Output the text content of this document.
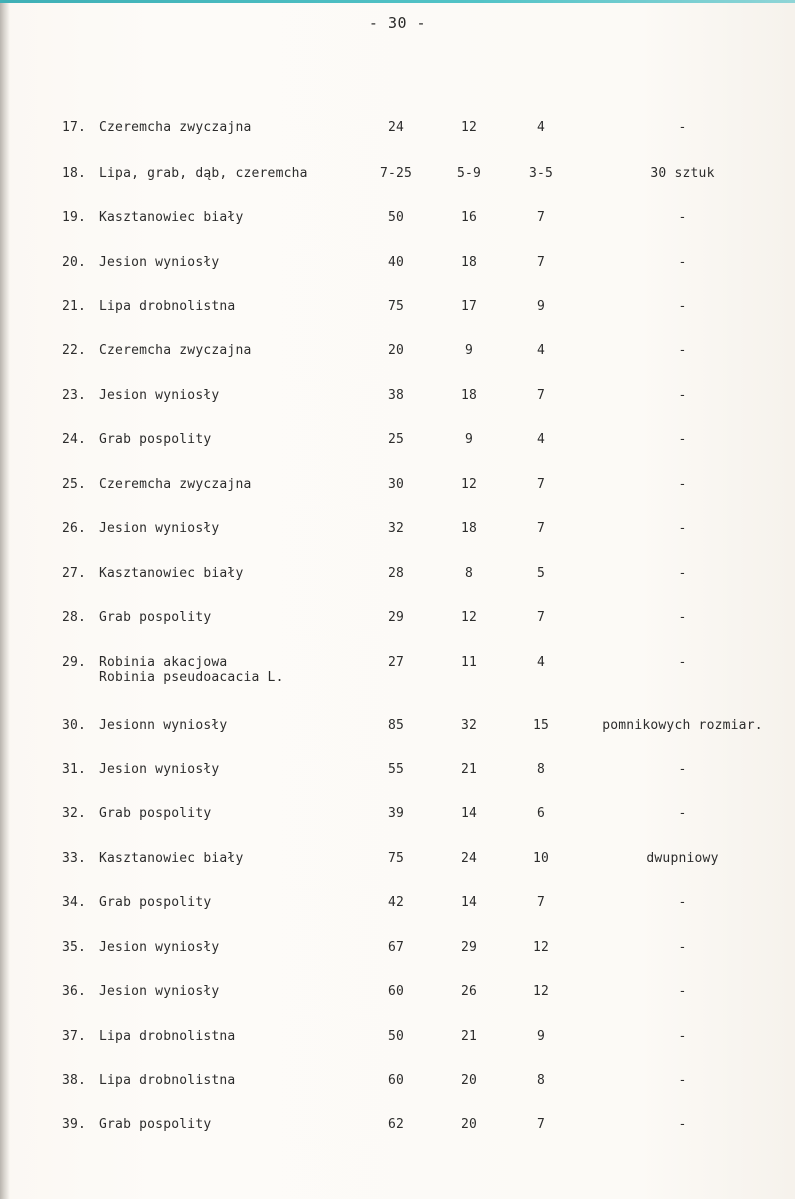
- 30 -
17. Czeremcha zwyczajna	24	12	4	-
18. Lipa, grab, dąb, czeremcha	7-25	5-9	3-5	30 sztuk
19. Kasztanowiec biały	50	16	7	-
20. Jesion wyniosły	40	18	7	-
21. Lipa drobnolistna	75	17	9	-
22. Czeremcha zwyczajna	20	9	4	-
23. Jesion wyniosły	38	18	7	-
24. Grab pospolity	25	9	4	-
25. Czeremcha zwyczajna	30	12	7	-
26. Jesion wyniosły	32	18	7	-
27. Kasztanowiec biały	28	8	5	-
28. Grab pospolity	29	12	7	-
29. Robinia akacjowa
Robinia pseudoacacia L.
27	11	4	-
30. Jesionn wyniosły	85	32	15	pomnikowych rozmiar.
31. Jesion wyniosły	55	21	8	-
32. Grab pospolity	39	14	6	-
33. Kasztanowiec biały	75	24	10	dwupniowy
34. Grab pospolity	42	14	7	-
35. Jesion wyniosły	67	29	12	-
36. Jesion wyniosły	60	26	12	-
37. Lipa drobnolistna	50	21	9	-
38. Lipa drobnolistna	60	20	8	-
39. Grab pospolity	62	20	7	-
